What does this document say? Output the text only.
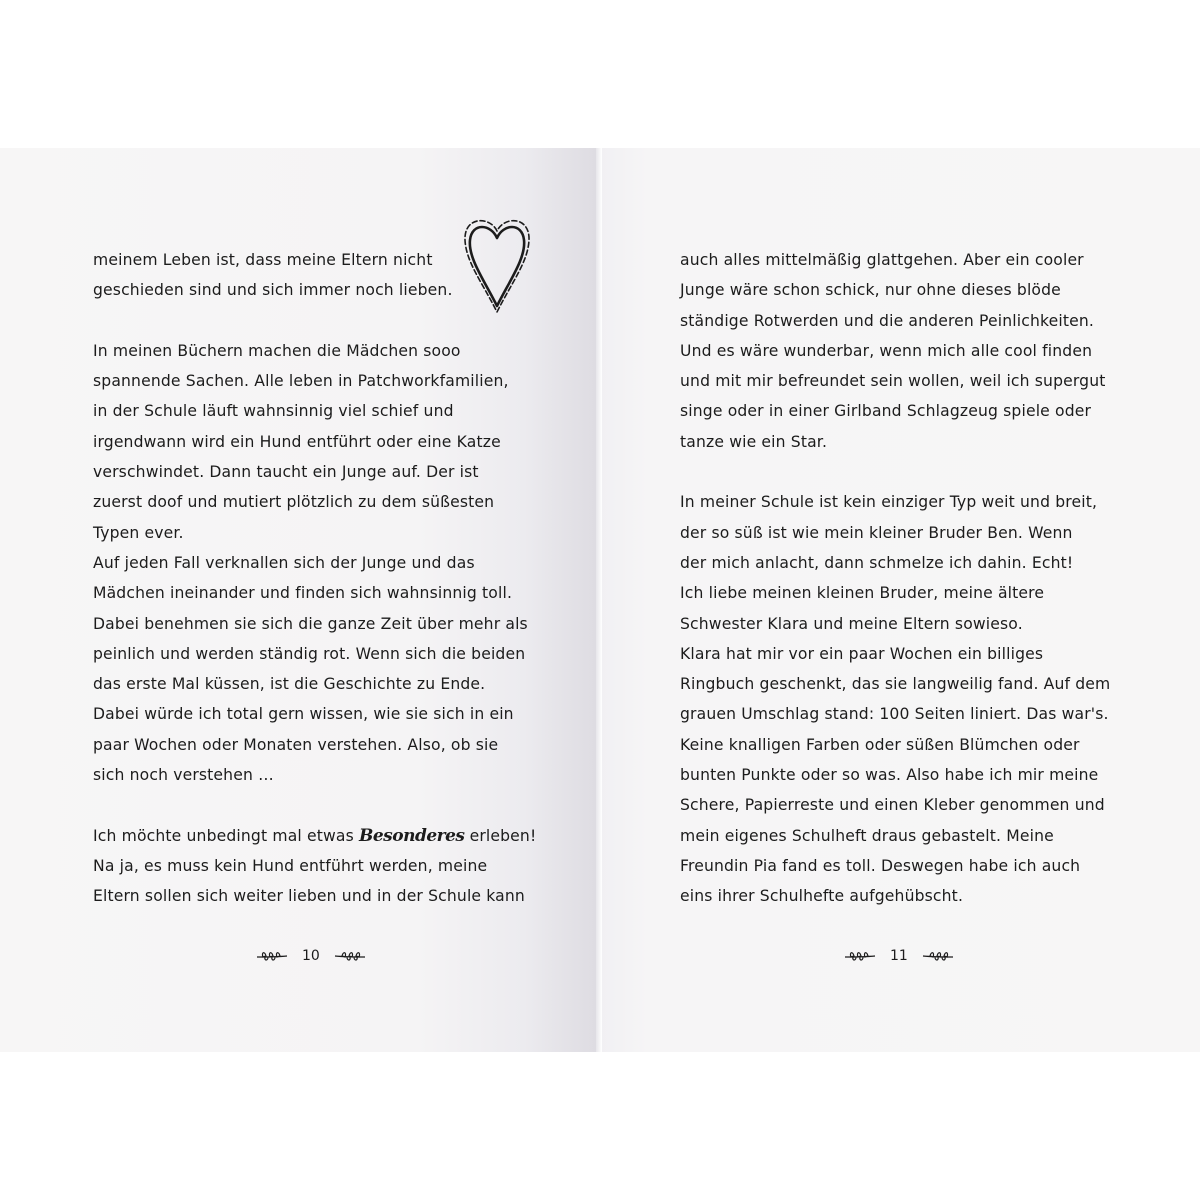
meinem Leben ist, dass meine Eltern nicht
geschieden sind und sich immer noch lieben.
In meinen Büchern machen die Mädchen sooo
spannende Sachen. Alle leben in Patchworkfamilien,
in der Schule läuft wahnsinnig viel schief und
irgendwann wird ein Hund entführt oder eine Katze
verschwindet. Dann taucht ein Junge auf. Der ist
zuerst doof und mutiert plötzlich zu dem süßesten
Typen ever.
Auf jeden Fall verknallen sich der Junge und das
Mädchen ineinander und finden sich wahnsinnig toll.
Dabei benehmen sie sich die ganze Zeit über mehr als
peinlich und werden ständig rot. Wenn sich die beiden
das erste Mal küssen, ist die Geschichte zu Ende.
Dabei würde ich total gern wissen, wie sie sich in ein
paar Wochen oder Monaten verstehen. Also, ob sie
sich noch verstehen …
Ich möchte unbedingt mal etwas Besonderes erleben!
Na ja, es muss kein Hund entführt werden, meine
Eltern sollen sich weiter lieben und in der Schule kann
10
auch alles mittelmäßig glattgehen. Aber ein cooler
Junge wäre schon schick, nur ohne dieses blöde
ständige Rotwerden und die anderen Peinlichkeiten.
Und es wäre wunderbar, wenn mich alle cool finden
und mit mir befreundet sein wollen, weil ich supergut
singe oder in einer Girlband Schlagzeug spiele oder
tanze wie ein Star.
In meiner Schule ist kein einziger Typ weit und breit,
der so süß ist wie mein kleiner Bruder Ben. Wenn
der mich anlacht, dann schmelze ich dahin. Echt!
Ich liebe meinen kleinen Bruder, meine ältere
Schwester Klara und meine Eltern sowieso.
Klara hat mir vor ein paar Wochen ein billiges
Ringbuch geschenkt, das sie langweilig fand. Auf dem
grauen Umschlag stand: 100 Seiten liniert. Das war's.
Keine knalligen Farben oder süßen Blümchen oder
bunten Punkte oder so was. Also habe ich mir meine
Schere, Papierreste und einen Kleber genommen und
mein eigenes Schulheft draus gebastelt. Meine
Freundin Pia fand es toll. Deswegen habe ich auch
eins ihrer Schulhefte aufgehübscht.
11
